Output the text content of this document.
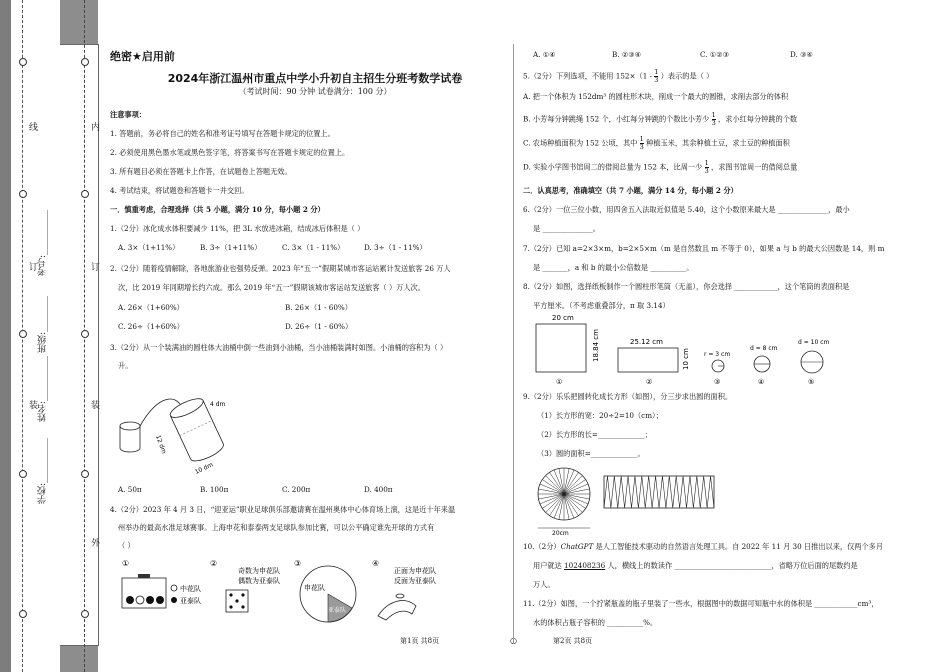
线
订
装
学校:__________
姓名:__________
班级:________
考号:__________
内
订
装
外
绝密★启用前
2024年浙江温州市重点中学小升初自主招生分班考数学试卷
（考试时间：90 分钟 试卷满分：100 分）
注意事项：
1. 答题前，务必将自己的姓名和准考证号填写在答题卡规定的位置上。
2. 必须使用黑色墨水笔或黑色签字笔，将答案书写在答题卡规定的位置上。
3. 所有题目必须在答题卡上作答，在试题卷上答题无效。
4. 考试结束，将试题卷和答题卡一并交回。
一．慎重考虑，合理选择（共 5 小题，满分 10 分，每小题 2 分）
1.（2分）冰化成水体积要减少 11%，把 3L 水放进冰箱，结成冰后体积是（ ）
A. 3×（1+11%）	B. 3÷（1+11%）	C. 3×（1 - 11%）	D. 3÷（1 - 11%）
2.（2分）随着疫情解除，各地旅游业也强势反弹。2023 年“五一”假期某城市客运站累计发送旅客 26 万人
次，比 2019 年同期增长约六成。那么 2019 年“五一”假期该城市客运站发送旅客（ ）万人次。
A. 26×（1+60%）	B. 26×（1 - 60%）
C. 26÷（1+60%）	D. 26÷（1 - 60%）
3.（2分）从一个装满油的圆柱体大油桶中倒一些油到小油桶，当小油桶装满时如图。小油桶的容积为（ ）
升。
4 dm
12 dm
10 dm
A. 50π	B. 100π	C. 200π	D. 400π
4.（2分）2023 年 4 月 3 日，“迎亚运”职业足球俱乐部邀请赛在温州奥体中心体育场上演，这是近十年来温
州举办的最高水准足球赛事。上海申花和泰泰两支足球队参加比赛，可以公平确定谁先开球的方式有
（ ）
①
中花队
亚泰队
②
奇数为申花队
偶数为亚泰队
③
申花队
亚泰队
④
正面为申花队
反面为亚泰队
第1页 共8页	○
A. ①④	B. ②③④	C. ①②③	D. ③④
5.（2分）下列选项，不能用 $152\times(1 - \frac{1}{3}$ ）表示的是（ ）
A. 把一个体积为 152dm³ 的圆柱形木块，削成一个最大的圆锥，求削去部分的体积
B. 小芳每分钟跳绳 152 个，小红每分钟跳的个数比小芳少 $\frac{1}{3}$ ，求小红每分钟跳的个数
C. 农场种植面积为 152 公顷，其中 $\frac{1}{3}$ 种植玉米，其余种植土豆，求土豆的种植面积
D. 实验小学图书馆周二的借阅总量为 152 本，比周一少 $\frac{1}{3}$ ，求图书馆周一的借阅总量
二．认真思考，准确填空（共 7 小题，满分 14 分，每小题 2 分）
6.（2分）一位三位小数，用四舍五入法取近似值是 5.40，这个小数原来最大是 ______________，最小
是 ______________。
7.（2分）已知 a=2×3×m，b=2×5×m（m 是自然数且 m 不等于 0），如果 a 与 b 的最大公因数是 14，则 m
是 _______，a 和 b 的最小公倍数是 __________。
8.（2分）如图，选择纸板制作一个圆柱形笔筒（无盖），你会选择 ____________，这个笔筒的表面积是
平方厘米。（不考虑重叠部分，π 取 3.14）
20 cm
18.84 cm
①
25.12 cm
10 cm
②
r = 3 cm
③
d = 8 cm
④
d = 10 cm
⑤
9.（2分）乐乐把圆转化成长方形（如图），分三步求出圆的面积。
（1）长方形的宽：20÷2=10（cm）；
（2）长方形的长=_____________；
（3）圆的面积=_____________。
20cm
10.（2分）ChatGPT 是人工智能技术驱动的自然语言处理工具。自 2022 年 11 月 30 日推出以来，仅两个多月
用户就达 102408236 人，横线上的数读作 ___________________________，省略万位后面的尾数约是
万人。
11.（2分）如图，一个拧紧瓶盖的瓶子里装了一些水，根据图中的数据可知瓶中水的体积是 ____________cm³，
水的体积占瓶子容积的 __________%。
第2页 共8页
